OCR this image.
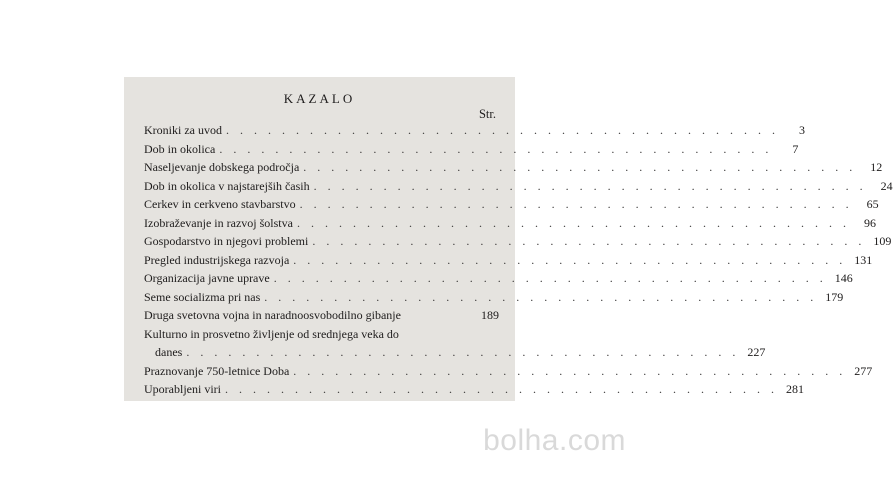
KAZALO
Str.
Kroniki za uvod . . . . . . . . . . . . . . . . . . . . . . . . . . . . . . . . . . . . . . . .	3
Dob in okolica . . . . . . . . . . . . . . . . . . . . . . . . . . . . . . . . . . . . . . . .	7
Naseljevanje dobskega področja . . . . . . . . . . . . . . . . . . . . . . . . . . . . . . . . . . . . . . . .	12
Dob in okolica v najstarejših časih . . . . . . . . . . . . . . . . . . . . . . . . . . . . . . . . . . . . . . . .	24
Cerkev in cerkveno stavbarstvo . . . . . . . . . . . . . . . . . . . . . . . . . . . . . . . . . . . . . . . .	65
Izobraževanje in razvoj šolstva . . . . . . . . . . . . . . . . . . . . . . . . . . . . . . . . . . . . . . . .	96
Gospodarstvo in njegovi problemi . . . . . . . . . . . . . . . . . . . . . . . . . . . . . . . . . . . . . . . . 109
Pregled industrijskega razvoja . . . . . . . . . . . . . . . . . . . . . . . . . . . . . . . . . . . . . . . . 131
Organizacija javne uprave . . . . . . . . . . . . . . . . . . . . . . . . . . . . . . . . . . . . . . . . 146
Seme socializma pri nas . . . . . . . . . . . . . . . . . . . . . . . . . . . . . . . . . . . . . . . . 179
Druga svetovna vojna in naradnoosvobodilno gibanje	189
Kulturno in prosvetno življenje od srednjega veka do
danes . . . . . . . . . . . . . . . . . . . . . . . . . . . . . . . . . . . . . . . . 227
Praznovanje 750-letnice Doba . . . . . . . . . . . . . . . . . . . . . . . . . . . . . . . . . . . . . . . . 277
Uporabljeni viri . . . . . . . . . . . . . . . . . . . . . . . . . . . . . . . . . . . . . . . . 281
bolha.com
